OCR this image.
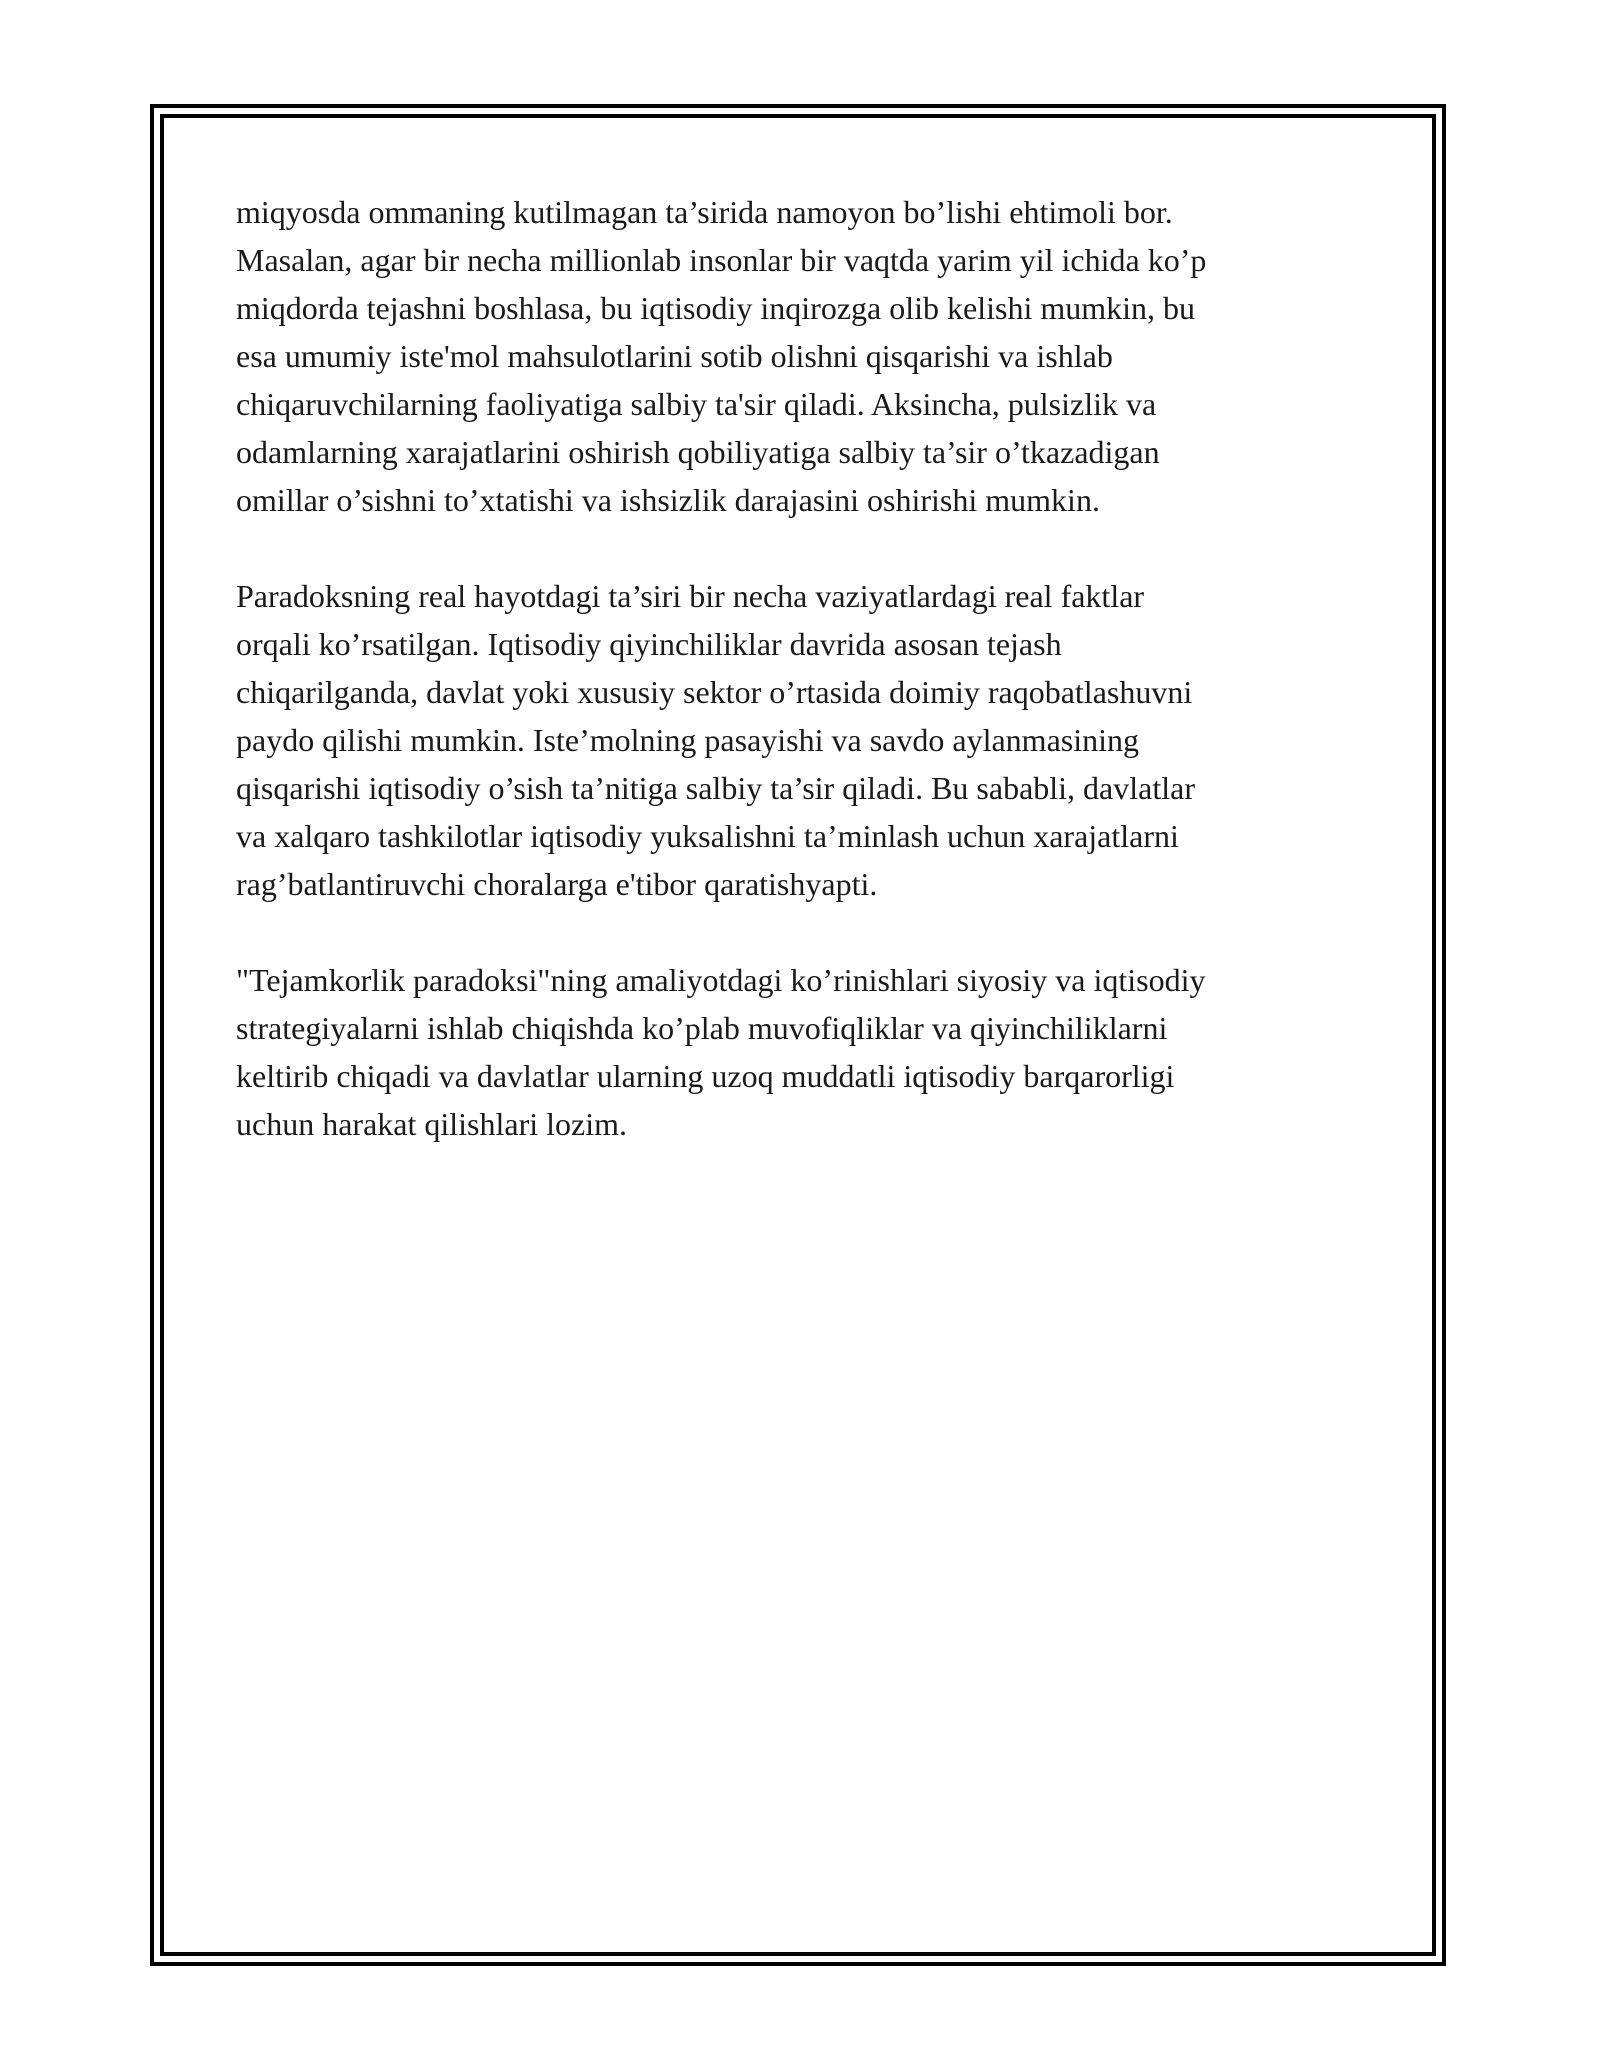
miqyosda ommaning kutilmagan ta’sirida namoyon bo’lishi ehtimoli bor.
Masalan, agar bir necha millionlab insonlar bir vaqtda yarim yil ichida ko’p
miqdorda tejashni boshlasa, bu iqtisodiy inqirozga olib kelishi mumkin, bu
esa umumiy iste'mol mahsulotlarini sotib olishni qisqarishi va ishlab
chiqaruvchilarning faoliyatiga salbiy ta'sir qiladi. Aksincha, pulsizlik va
odamlarning xarajatlarini oshirish qobiliyatiga salbiy ta’sir o’tkazadigan
omillar o’sishni to’xtatishi va ishsizlik darajasini oshirishi mumkin.

Paradoksning real hayotdagi ta’siri bir necha vaziyatlardagi real faktlar
orqali ko’rsatilgan. Iqtisodiy qiyinchiliklar davrida asosan tejash
chiqarilganda, davlat yoki xususiy sektor o’rtasida doimiy raqobatlashuvni
paydo qilishi mumkin. Iste’molning pasayishi va savdo aylanmasining
qisqarishi iqtisodiy o’sish ta’nitiga salbiy ta’sir qiladi. Bu sababli, davlatlar
va xalqaro tashkilotlar iqtisodiy yuksalishni ta’minlash uchun xarajatlarni
rag’batlantiruvchi choralarga e'tibor qaratishyapti.

"Tejamkorlik paradoksi"ning amaliyotdagi ko’rinishlari siyosiy va iqtisodiy
strategiyalarni ishlab chiqishda ko’plab muvofiqliklar va qiyinchiliklarni
keltirib chiqadi va davlatlar ularning uzoq muddatli iqtisodiy barqarorligi
uchun harakat qilishlari lozim.
